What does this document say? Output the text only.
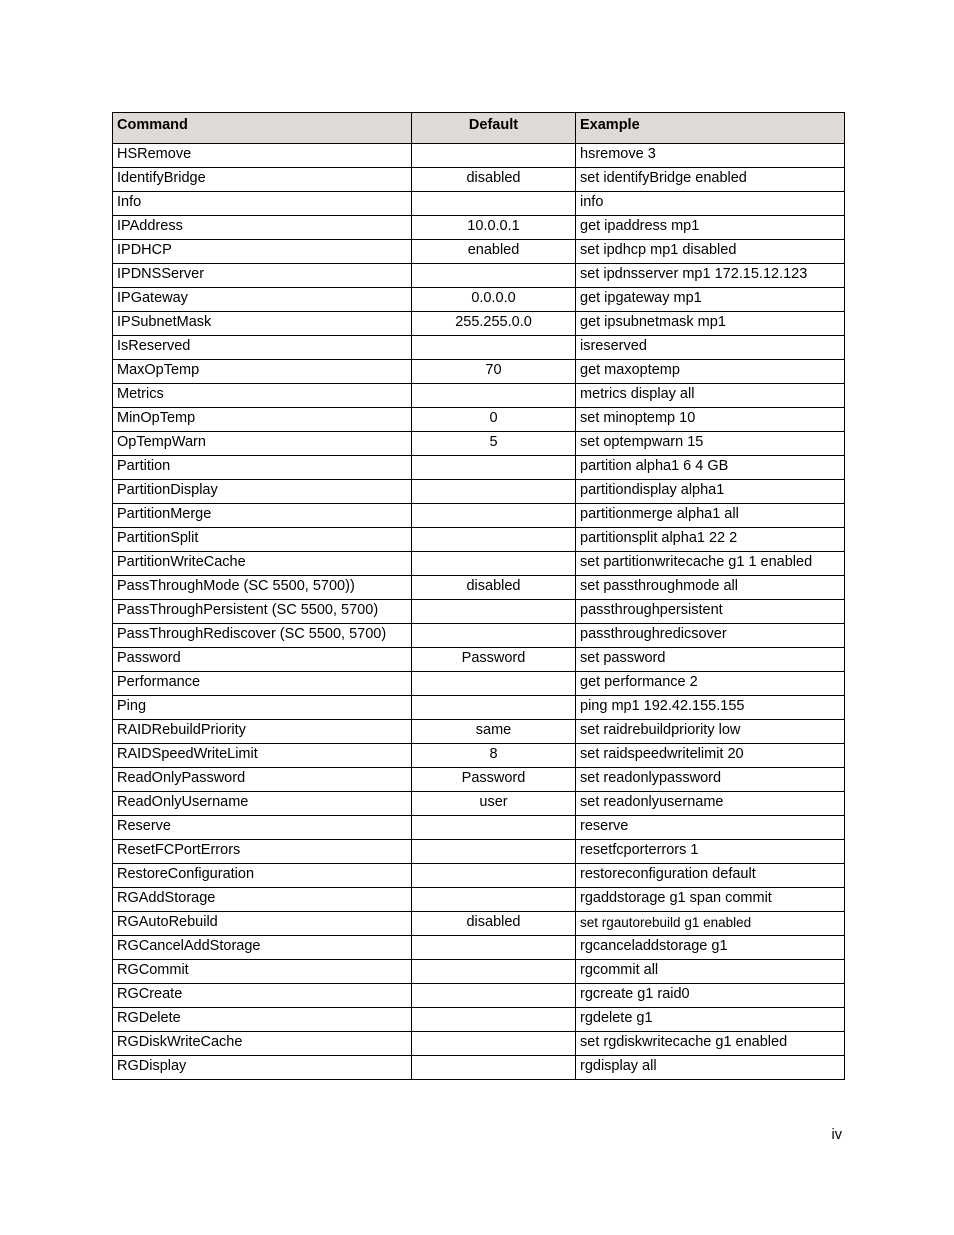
Command	Default	Example
HSRemove		hsremove 3
IdentifyBridge	disabled	set identifyBridge enabled
Info		info
IPAddress	10.0.0.1	get ipaddress mp1
IPDHCP	enabled	set ipdhcp mp1 disabled
IPDNSServer		set ipdnsserver mp1 172.15.12.123
IPGateway	0.0.0.0	get ipgateway mp1
IPSubnetMask	255.255.0.0	get ipsubnetmask mp1
IsReserved		isreserved
MaxOpTemp	70	get maxoptemp
Metrics		metrics display all
MinOpTemp	0	set minoptemp 10
OpTempWarn	5	set optempwarn 15
Partition		partition alpha1 6 4 GB
PartitionDisplay		partitiondisplay alpha1
PartitionMerge		partitionmerge alpha1 all
PartitionSplit		partitionsplit alpha1 22 2
PartitionWriteCache		set partitionwritecache g1 1 enabled
PassThroughMode (SC 5500, 5700))	disabled	set passthroughmode all
PassThroughPersistent (SC 5500, 5700)		passthroughpersistent
PassThroughRediscover (SC 5500, 5700)		passthroughredicsover
Password	Password	set password
Performance		get performance 2
Ping		ping mp1 192.42.155.155
RAIDRebuildPriority	same	set raidrebuildpriority low
RAIDSpeedWriteLimit	8	set raidspeedwritelimit 20
ReadOnlyPassword	Password	set readonlypassword
ReadOnlyUsername	user	set readonlyusername
Reserve		reserve
ResetFCPortErrors		resetfcporterrors 1
RestoreConfiguration		restoreconfiguration default
RGAddStorage		rgaddstorage g1 span commit
RGAutoRebuild	disabled	set rgautorebuild g1 enabled
RGCancelAddStorage		rgcanceladdstorage g1
RGCommit		rgcommit all
RGCreate		rgcreate g1 raid0
RGDelete		rgdelete g1
RGDiskWriteCache		set rgdiskwritecache g1 enabled
RGDisplay		rgdisplay all
iv
